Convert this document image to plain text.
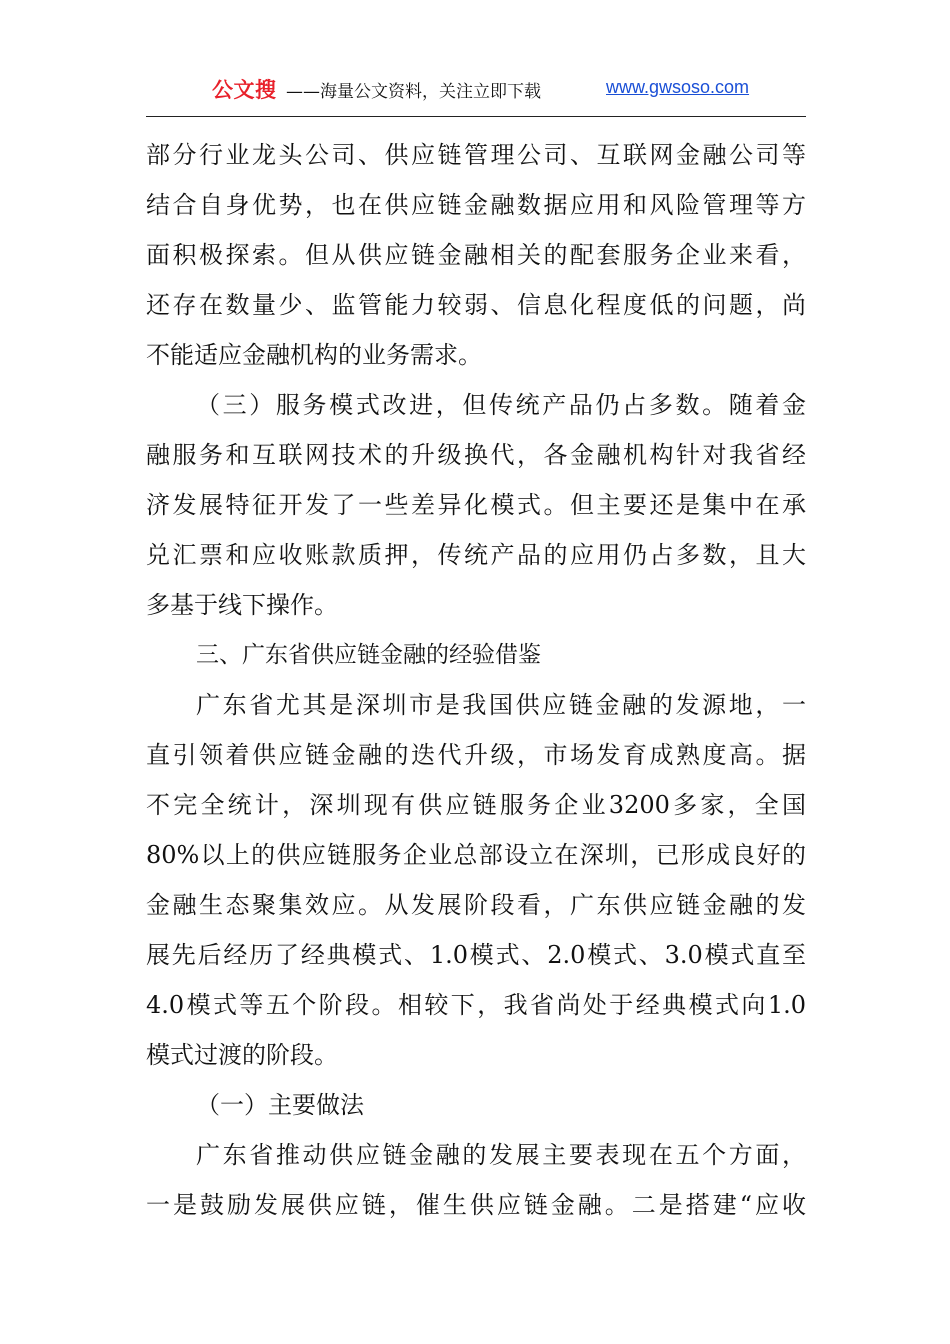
公文搜 ——海量公文资料，关注立即下载	www.gwsoso.com
部分行业龙头公司、供应链管理公司、互联网金融公司等
结合自身优势，也在供应链金融数据应用和风险管理等方
面积极探索。但从供应链金融相关的配套服务企业来看，
还存在数量少、监管能力较弱、信息化程度低的问题，尚
不能适应金融机构的业务需求。
（三）服务模式改进，但传统产品仍占多数。随着金
融服务和互联网技术的升级换代，各金融机构针对我省经
济发展特征开发了一些差异化模式。但主要还是集中在承
兑汇票和应收账款质押，传统产品的应用仍占多数，且大
多基于线下操作。
三、广东省供应链金融的经验借鉴
广东省尤其是深圳市是我国供应链金融的发源地，一
直引领着供应链金融的迭代升级，市场发育成熟度高。据
不完全统计，深圳现有供应链服务企业3200多家，全国
80%以上的供应链服务企业总部设立在深圳，已形成良好的
金融生态聚集效应。从发展阶段看，广东供应链金融的发
展先后经历了经典模式、1.0模式、2.0模式、3.0模式直至
4.0模式等五个阶段。相较下，我省尚处于经典模式向1.0
模式过渡的阶段。
（一）主要做法
广东省推动供应链金融的发展主要表现在五个方面，
一是鼓励发展供应链，催生供应链金融。二是搭建“应收
